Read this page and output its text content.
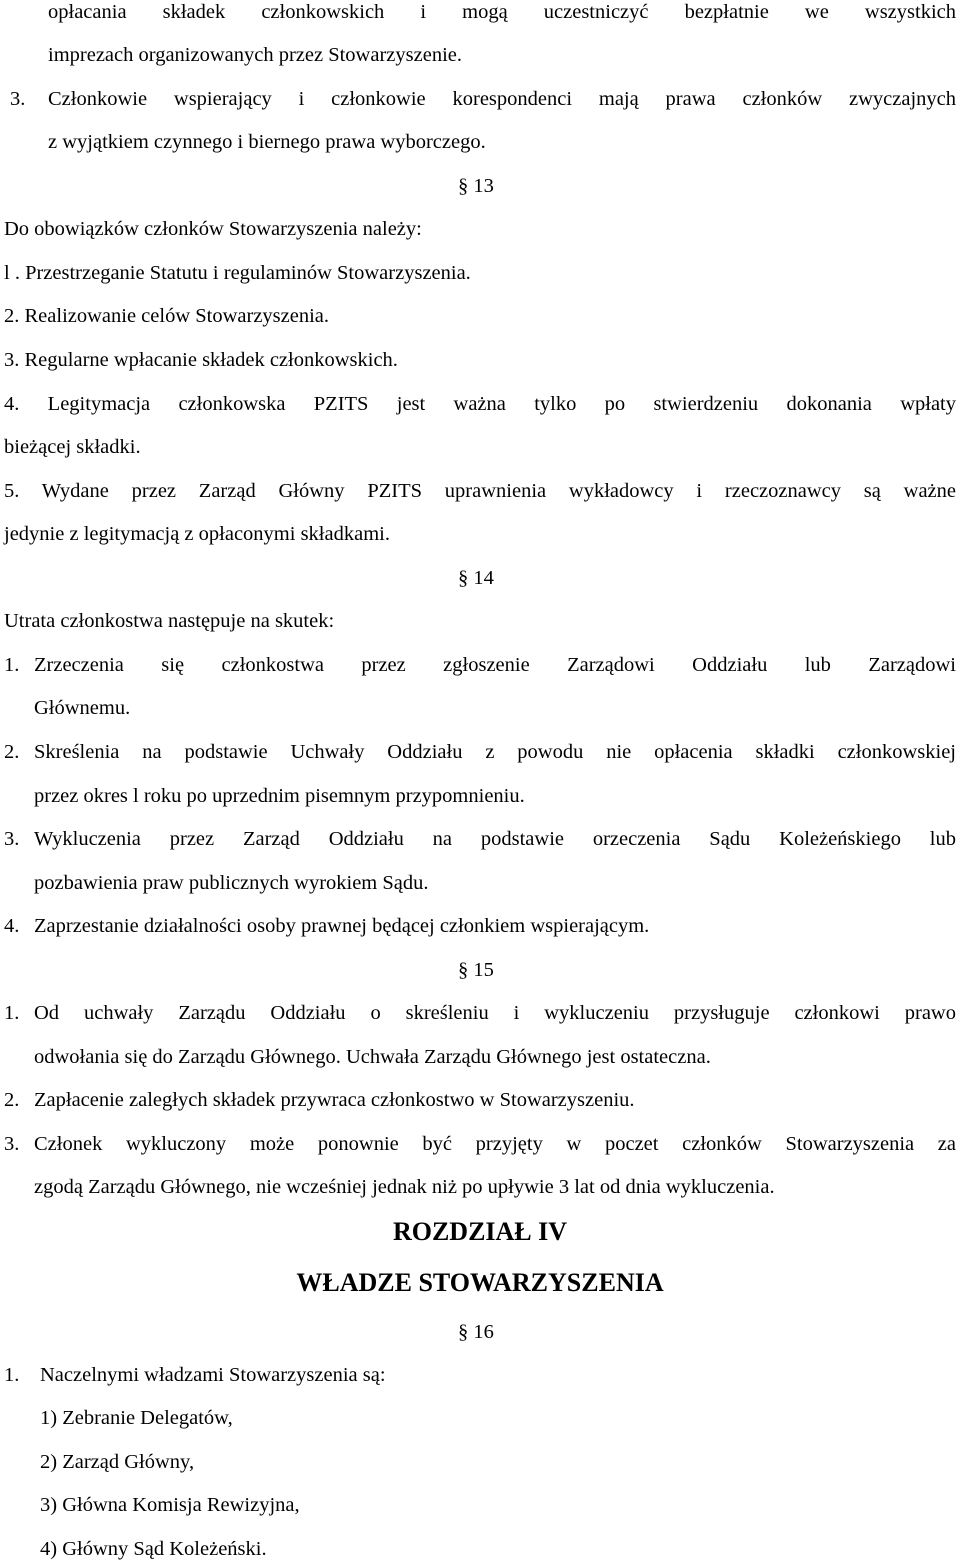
opłacania składek członkowskich i mogą uczestniczyć bezpłatnie we wszystkich
imprezach organizowanych przez Stowarzyszenie.
3. Członkowie wspierający i członkowie korespondenci mają prawa członków zwyczajnych
z wyjątkiem czynnego i biernego prawa wyborczego.
§ 13
Do obowiązków członków Stowarzyszenia należy:
l . Przestrzeganie Statutu i regulaminów Stowarzyszenia.
2. Realizowanie celów Stowarzyszenia.
3. Regularne wpłacanie składek członkowskich.
4. Legitymacja członkowska PZITS jest ważna tylko po stwierdzeniu dokonania wpłaty
bieżącej składki.
5. Wydane przez Zarząd Główny PZITS uprawnienia wykładowcy i rzeczoznawcy są ważne
jedynie z legitymacją z opłaconymi składkami.
§ 14
Utrata członkostwa następuje na skutek:
1. Zrzeczenia się członkostwa przez zgłoszenie Zarządowi Oddziału lub Zarządowi
Głównemu.
2. Skreślenia na podstawie Uchwały Oddziału z powodu nie opłacenia składki członkowskiej
przez okres l roku po uprzednim pisemnym przypomnieniu.
3. Wykluczenia przez Zarząd Oddziału na podstawie orzeczenia Sądu Koleżeńskiego lub
pozbawienia praw publicznych wyrokiem Sądu.
4. Zaprzestanie działalności osoby prawnej będącej członkiem wspierającym.
§ 15
1. Od uchwały Zarządu Oddziału o skreśleniu i wykluczeniu przysługuje członkowi prawo
odwołania się do Zarządu Głównego. Uchwała Zarządu Głównego jest ostateczna.
2. Zapłacenie zaległych składek przywraca członkostwo w Stowarzyszeniu.
3. Członek wykluczony może ponownie być przyjęty w poczet członków Stowarzyszenia za
zgodą Zarządu Głównego, nie wcześniej jednak niż po upływie 3 lat od dnia wykluczenia.
ROZDZIAŁ IV
WŁADZE STOWARZYSZENIA
§ 16
1. Naczelnymi władzami Stowarzyszenia są:
1) Zebranie Delegatów,
2) Zarząd Główny,
3) Główna Komisja Rewizyjna,
4) Główny Sąd Koleżeński.
